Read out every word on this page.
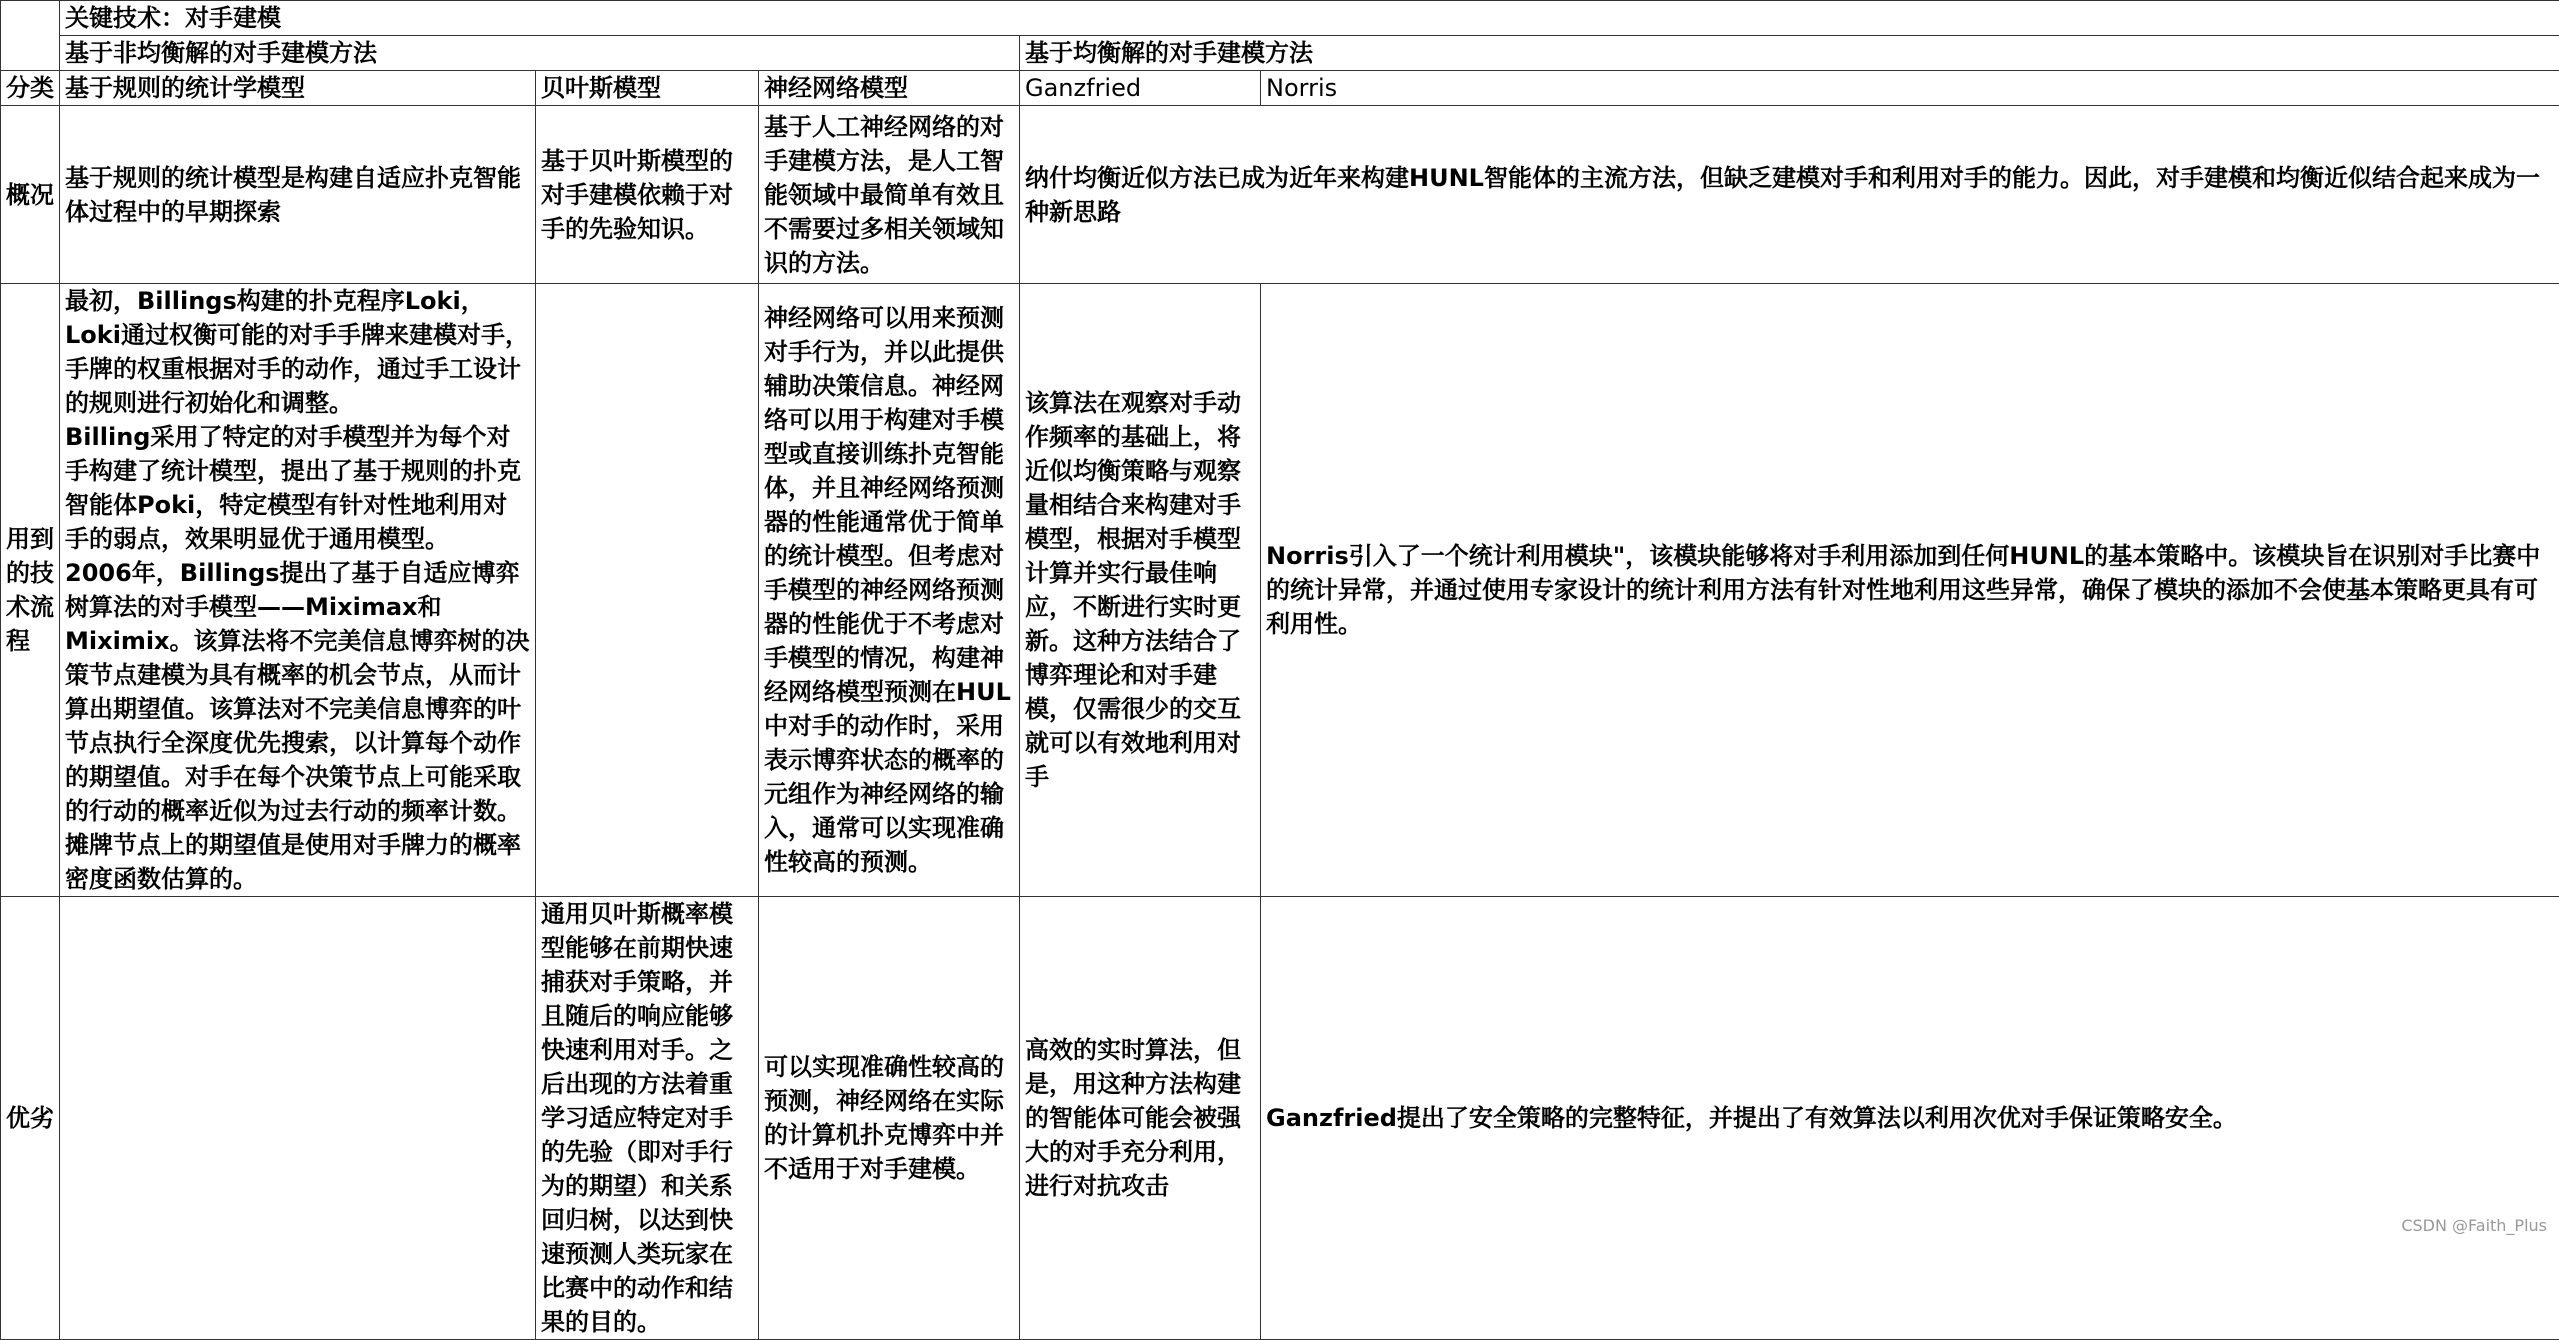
	关键技术：对手建模				
	基于非均衡解的对手建模方法			基于均衡解的对手建模方法	
分类	基于规则的统计学模型	贝叶斯模型	神经网络模型	Ganzfried	Norris
概况	基于规则的统计模型是构建自适应扑克智能体过程中的早期探索	基于贝叶斯模型的对手建模依赖于对手的先验知识。	基于人工神经网络的对手建模方法，是人工智能领域中最简单有效且不需要过多相关领域知识的方法。	纳什均衡近似方法已成为近年来构建HUNL智能体的主流方法，但缺乏建模对手和利用对手的能力。因此，对手建模和均衡近似结合起来成为一种新思路	
用到的技术流程	最初，Billings构建的扑克程序Loki，Loki通过权衡可能的对手手牌来建模对手，手牌的权重根据对手的动作，通过手工设计的规则进行初始化和调整。
Billing采用了特定的对手模型并为每个对手构建了统计模型，提出了基于规则的扑克智能体Poki，特定模型有针对性地利用对手的弱点，效果明显优于通用模型。
2006年，Billings提出了基于自适应博弈树算法的对手模型——Miximax和Miximix。该算法将不完美信息博弈树的决策节点建模为具有概率的机会节点，从而计算出期望值。该算法对不完美信息博弈的叶节点执行全深度优先搜索，以计算每个动作的期望值。对手在每个决策节点上可能采取的行动的概率近似为过去行动的频率计数。摊牌节点上的期望值是使用对手牌力的概率密度函数估算的。		神经网络可以用来预测对手行为，并以此提供辅助决策信息。神经网络可以用于构建对手模型或直接训练扑克智能体，并且神经网络预测器的性能通常优于简单的统计模型。但考虑对手模型的神经网络预测器的性能优于不考虑对手模型的情况，构建神经网络模型预测在HUL中对手的动作时，采用表示博弈状态的概率的元组作为神经网络的输入，通常可以实现准确性较高的预测。	该算法在观察对手动作频率的基础上，将近似均衡策略与观察量相结合来构建对手模型，根据对手模型计算并实行最佳响应，不断进行实时更新。这种方法结合了博弈理论和对手建模，仅需很少的交互就可以有效地利用对手	Norris引入了一个统计利用模块"，该模块能够将对手利用添加到任何HUNL的基本策略中。该模块旨在识别对手比赛中的统计异常，并通过使用专家设计的统计利用方法有针对性地利用这些异常，确保了模块的添加不会使基本策略更具有可利用性。
优劣		通用贝叶斯概率模型能够在前期快速捕获对手策略，并且随后的响应能够快速利用对手。之后出现的方法着重学习适应特定对手的先验（即对手行为的期望）和关系回归树，以达到快速预测人类玩家在比赛中的动作和结果的目的。	可以实现准确性较高的预测，神经网络在实际的计算机扑克博弈中并不适用于对手建模。	高效的实时算法，但是，用这种方法构建的智能体可能会被强大的对手充分利用，进行对抗攻击	Ganzfried提出了安全策略的完整特征，并提出了有效算法以利用次优对手保证策略安全。
CSDN @Faith_Plus
